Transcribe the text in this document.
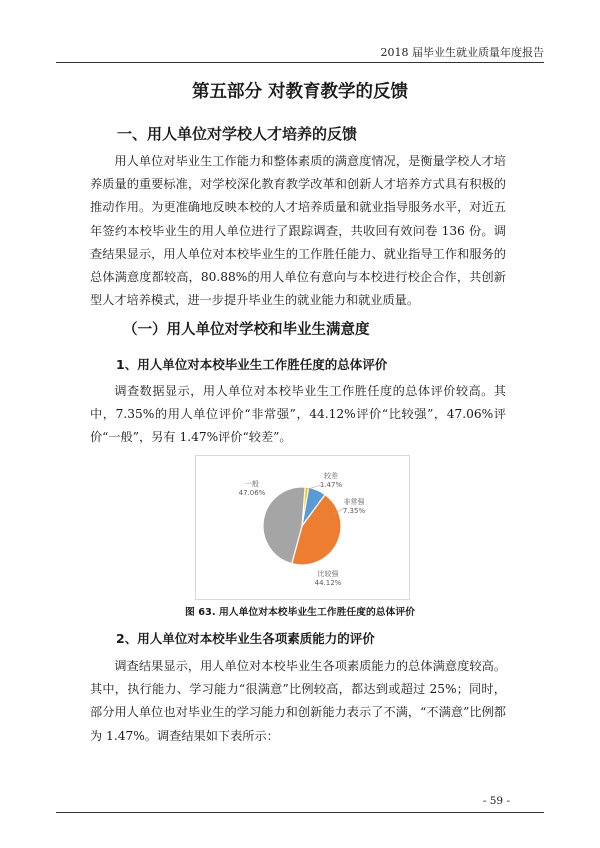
2018 届毕业生就业质量年度报告
第五部分 对教育教学的反馈
一、用人单位对学校人才培养的反馈

用人单位对毕业生工作能力和整体素质的满意度情况，是衡量学校人才培养质量的重要标准，对学校深化教育教学改革和创新人才培养方式具有积极的推动作用。为更准确地反映本校的人才培养质量和就业指导服务水平，对近五年签约本校毕业生的用人单位进行了跟踪调查，共收回有效问卷 136 份。调查结果显示，用人单位对本校毕业生的工作胜任能力、就业指导工作和服务的总体满意度都较高，80.88%的用人单位有意向与本校进行校企合作，共创新型人才培养模式，进一步提升毕业生的就业能力和就业质量。

（一）用人单位对学校和毕业生满意度
1、用人单位对本校毕业生工作胜任度的总体评价

调查数据显示，用人单位对本校毕业生工作胜任度的总体评价较高。其中，7.35%的用人单位评价“非常强”，44.12%评价“比较强”，47.06%评价“一般”，另有 1.47%评价“较差”。

较差
1.47%
非常强
7.35%
比较强
44.12%
一般
47.06%
图 63. 用人单位对本校毕业生工作胜任度的总体评价
2、用人单位对本校毕业生各项素质能力的评价

调查结果显示，用人单位对本校毕业生各项素质能力的总体满意度较高。其中，执行能力、学习能力“很满意”比例较高，都达到或超过 25%；同时，部分用人单位也对毕业生的学习能力和创新能力表示了不满，“不满意”比例都为 1.47%。调查结果如下表所示：

- 59 -
